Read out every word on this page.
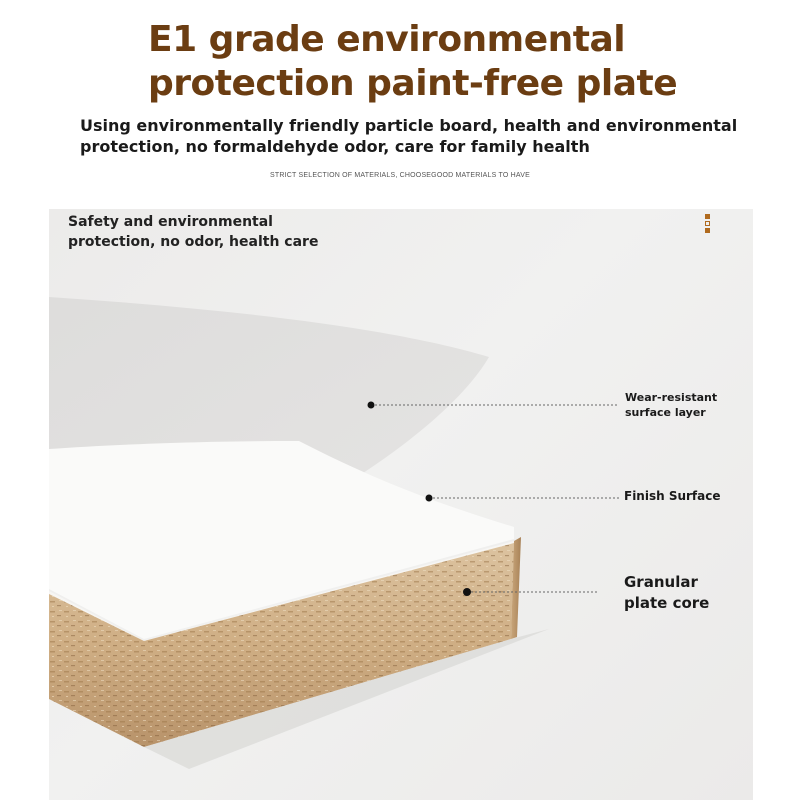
E1 grade environmental
protection paint-free plate
Using environmentally friendly particle board, health and environmental
protection, no formaldehyde odor, care for family health
STRICT SELECTION OF MATERIALS, CHOOSEGOOD MATERIALS TO HAVE
Safety and environmental
protection, no odor, health care
Wear-resistant
surface layer
Finish Surface
Granular
plate core
